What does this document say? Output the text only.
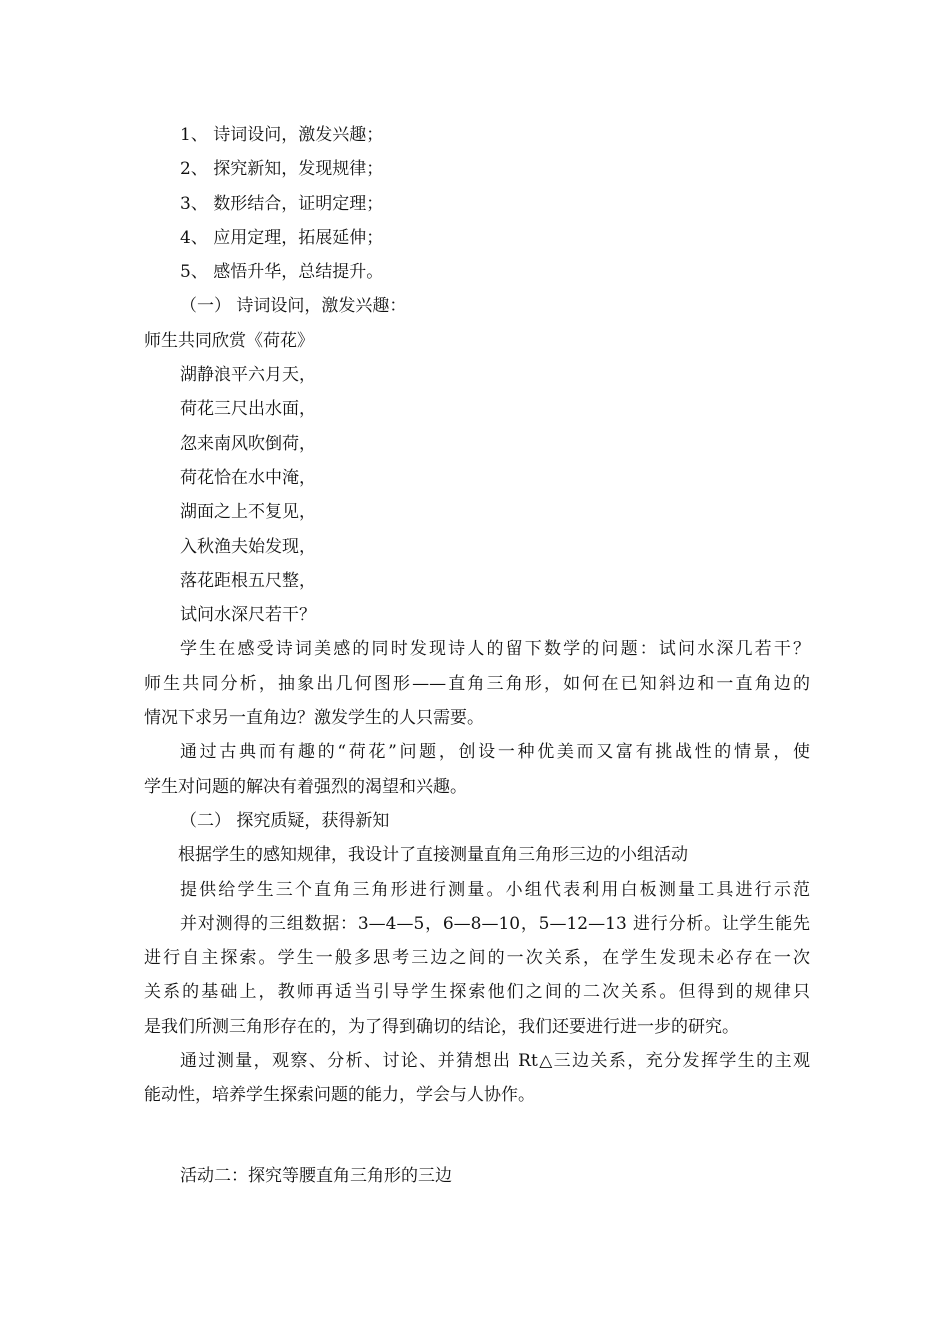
1、 诗词设问，激发兴趣；
2、 探究新知，发现规律；
3、 数形结合，证明定理；
4、 应用定理，拓展延伸；
5、 感悟升华，总结提升。
（一） 诗词设问，激发兴趣：
师生共同欣赏《荷花》
湖静浪平六月天，
荷花三尺出水面，
忽来南风吹倒荷，
荷花恰在水中淹，
湖面之上不复见，
入秋渔夫始发现，
落花距根五尺整，
试问水深尺若干？
学生在感受诗词美感的同时发现诗人的留下数学的问题：试问水深几若干？
师生共同分析，抽象出几何图形——直角三角形，如何在已知斜边和一直角边的
情况下求另一直角边？激发学生的人只需要。
通过古典而有趣的“荷花”问题，创设一种优美而又富有挑战性的情景，使
学生对问题的解决有着强烈的渴望和兴趣。
（二） 探究质疑，获得新知
根据学生的感知规律，我设计了直接测量直角三角形三边的小组活动
提供给学生三个直角三角形进行测量。小组代表利用白板测量工具进行示范
并对测得的三组数据：3—4—5，6—8—10，5—12—13 进行分析。让学生能先
进行自主探索。学生一般多思考三边之间的一次关系，在学生发现未必存在一次
关系的基础上，教师再适当引导学生探索他们之间的二次关系。但得到的规律只
是我们所测三角形存在的，为了得到确切的结论，我们还要进行进一步的研究。
通过测量，观察、分析、讨论、并猜想出 Rt△三边关系，充分发挥学生的主观
能动性，培养学生探索问题的能力，学会与人协作。
活动二：探究等腰直角三角形的三边
